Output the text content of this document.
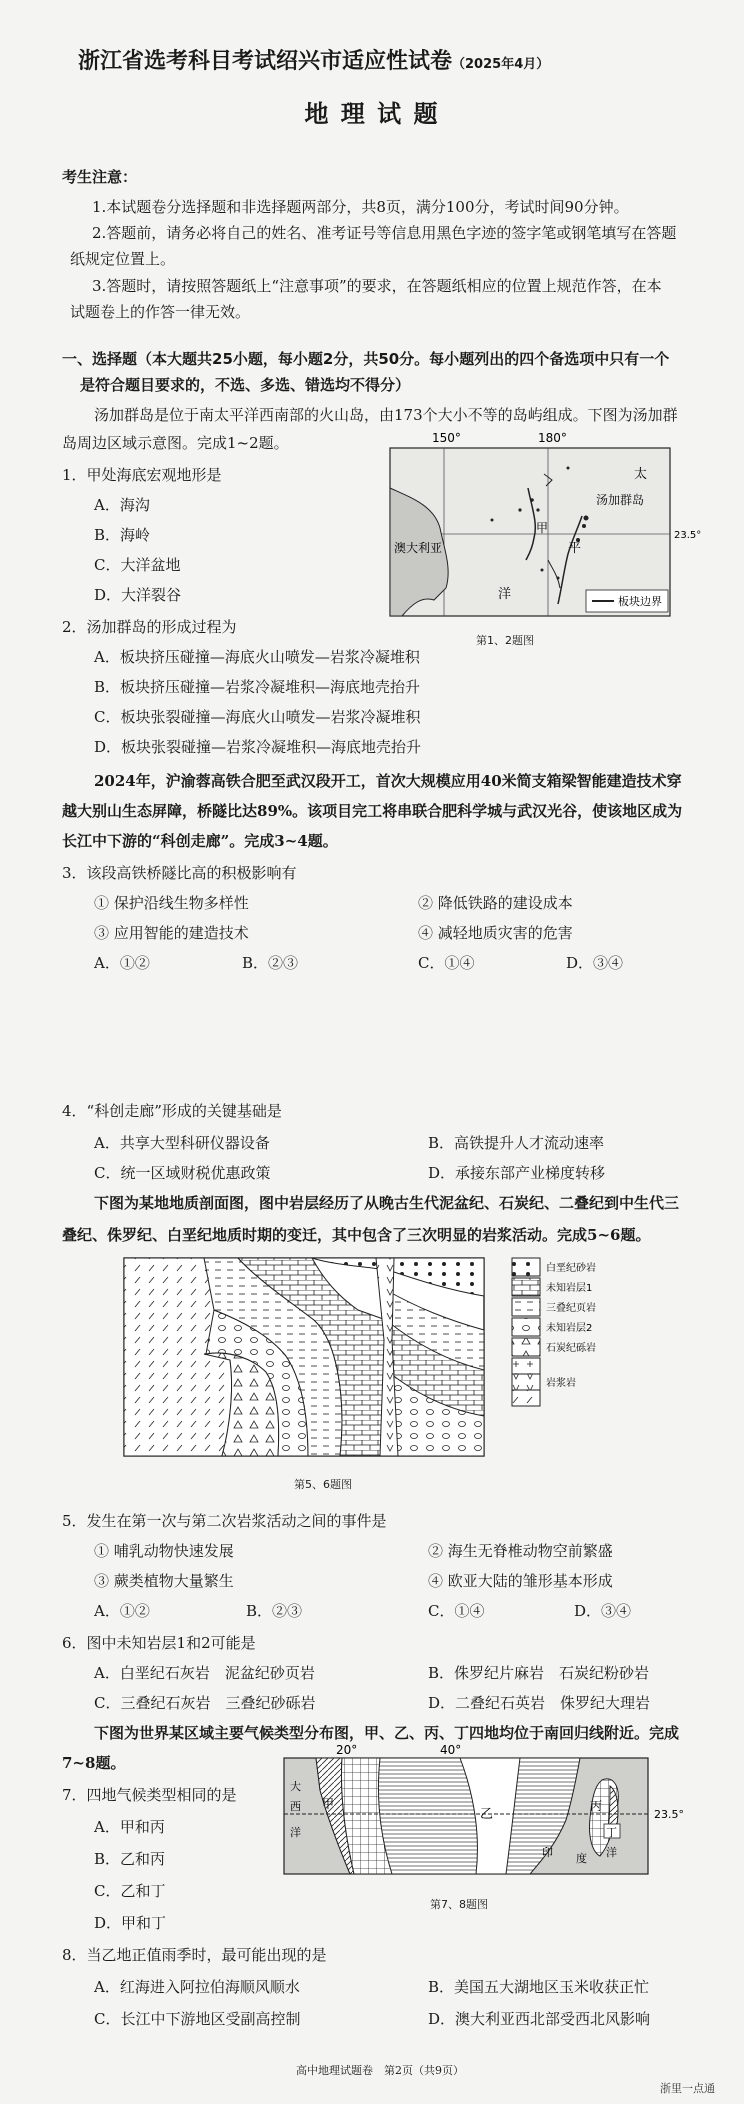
浙江省选考科目考试绍兴市适应性试卷（2025年4月）
地 理 试 题
考生注意：
1.本试题卷分选择题和非选择题两部分，共8页，满分100分，考试时间90分钟。
2.答题前，请务必将自己的姓名、准考证号等信息用黑色字迹的签字笔或钢笔填写在答题
纸规定位置上。
3.答题时，请按照答题纸上“注意事项”的要求，在答题纸相应的位置上规范作答，在本
试题卷上的作答一律无效。
一、选择题（本大题共25小题，每小题2分，共50分。每小题列出的四个备选项中只有一个
是符合题目要求的，不选、多选、错选均不得分）
汤加群岛是位于南太平洋西南部的火山岛，由173个大小不等的岛屿组成。下图为汤加群
岛周边区域示意图。完成1~2题。	150°	180°
太
汤加群岛
平
洋
甲
澳大利亚
23.5°
板块边界
第1、2题图
1．甲处海底宏观地形是
A．海沟
B．海岭
C．大洋盆地
D．大洋裂谷
2．汤加群岛的形成过程为
A．板块挤压碰撞—海底火山喷发—岩浆冷凝堆积
B．板块挤压碰撞—岩浆冷凝堆积—海底地壳抬升
C．板块张裂碰撞—海底火山喷发—岩浆冷凝堆积
D．板块张裂碰撞—岩浆冷凝堆积—海底地壳抬升
2024年，沪渝蓉高铁合肥至武汉段开工，首次大规模应用40米简支箱梁智能建造技术穿
越大别山生态屏障，桥隧比达89%。该项目完工将串联合肥科学城与武汉光谷，使该地区成为
长江中下游的“科创走廊”。完成3~4题。
3．该段高铁桥隧比高的积极影响有
① 保护沿线生物多样性	② 降低铁路的建设成本
③ 应用智能的建造技术	④ 减轻地质灾害的危害
A．①②	B．②③	C．①④	D．③④
4．“科创走廊”形成的关键基础是
A．共享大型科研仪器设备	B．高铁提升人才流动速率
C．统一区域财税优惠政策	D．承接东部产业梯度转移
下图为某地地质剖面图，图中岩层经历了从晚古生代泥盆纪、石炭纪、二叠纪到中生代三
叠纪、侏罗纪、白垩纪地质时期的变迁，其中包含了三次明显的岩浆活动。完成5~6题。
白垩纪砂岩
未知岩层1
三叠纪页岩
未知岩层2
石炭纪砾岩
岩浆岩
第5、6题图
5．发生在第一次与第二次岩浆活动之间的事件是
① 哺乳动物快速发展	② 海生无脊椎动物空前繁盛
③ 蕨类植物大量繁生	④ 欧亚大陆的雏形基本形成
A．①②	B．②③	C．①④	D．③④
6．图中未知岩层1和2可能是
A．白垩纪石灰岩　泥盆纪砂页岩	B．侏罗纪片麻岩　石炭纪粉砂岩
C．三叠纪石灰岩　三叠纪砂砾岩	D．二叠纪石英岩　侏罗纪大理岩
下图为世界某区域主要气候类型分布图，甲、乙、丙、丁四地均位于南回归线附近。完成
7~8题。
20°	40°
23.5°
大
西
洋
甲
乙
丙
丁
印 度 洋
第7、8题图
7．四地气候类型相同的是
A．甲和丙
B．乙和丙
C．乙和丁
D．甲和丁
8．当乙地正值雨季时，最可能出现的是
A．红海进入阿拉伯海顺风顺水	B．美国五大湖地区玉米收获正忙
C．长江中下游地区受副高控制	D．澳大利亚西北部受西北风影响
高中地理试题卷　第2页（共9页）
浙里一点通
